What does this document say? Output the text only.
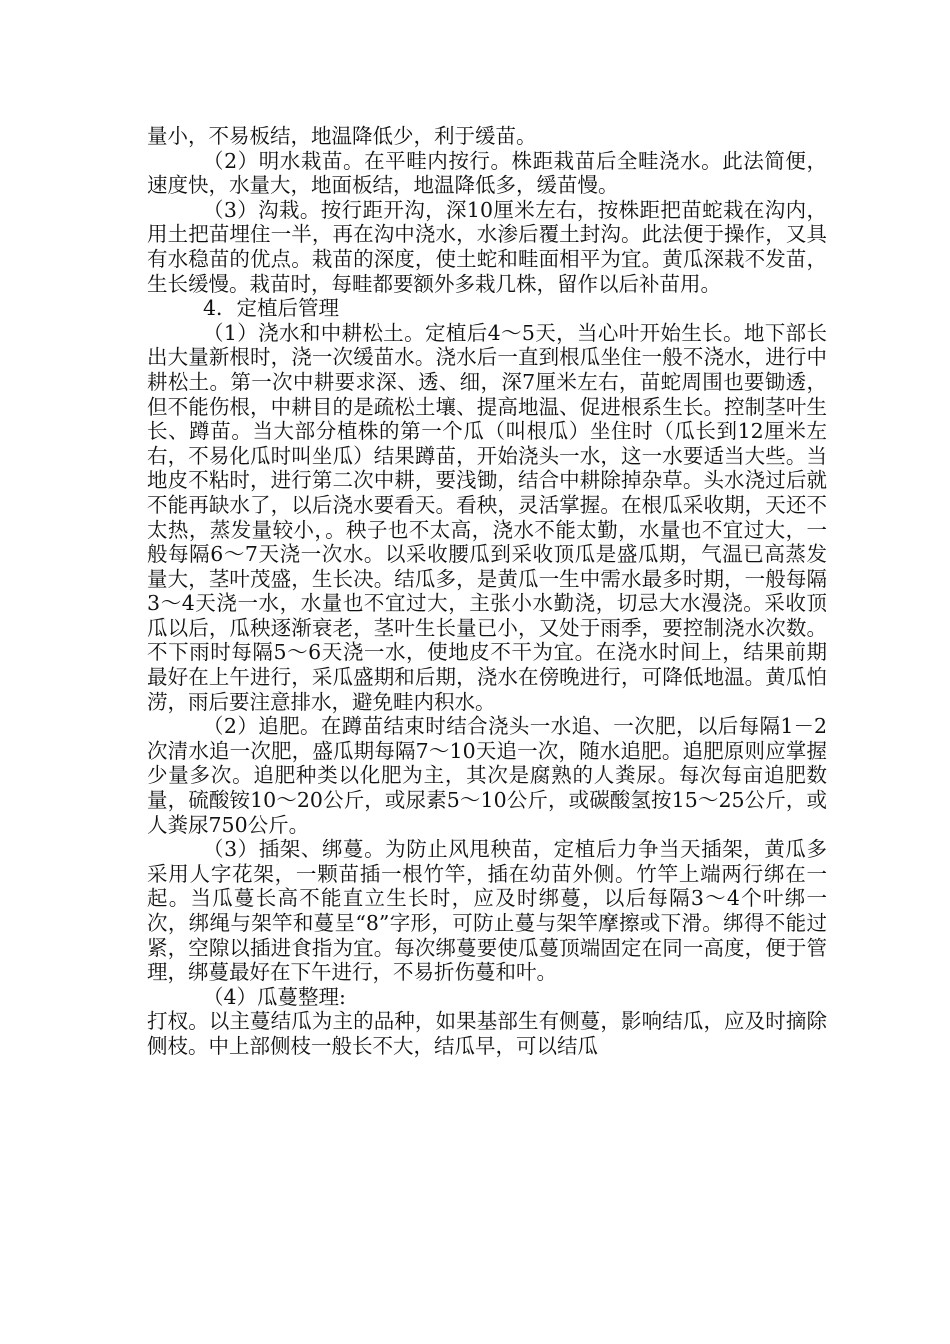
量小，不易板结，地温降低少，利于缓苗。

（2）明水栽苗。在平畦内按行。株距栽苗后全畦浇水。此法简便，速度快，水量大，地面板结，地温降低多，缓苗慢。

（3）沟栽。按行距开沟，深10厘米左右，按株距把苗蛇栽在沟内，用土把苗埋住一半，再在沟中浇水，水渗后覆土封沟。此法便于操作，又具有水稳苗的优点。栽苗的深度，使土蛇和畦面相平为宜。黄瓜深栽不发苗，生长缓慢。栽苗时，每畦都要额外多栽几株，留作以后补苗用。

4．定植后管理

（1）浇水和中耕松土。定植后4～5天，当心叶开始生长。地下部长出大量新根时，浇一次缓苗水。浇水后一直到根瓜坐住一般不浇水，进行中耕松土。第一次中耕要求深、透、细，深7厘米左右，苗蛇周围也要锄透，但不能伤根，中耕目的是疏松土壤、提高地温、促进根系生长。控制茎叶生长、蹲苗。当大部分植株的第一个瓜（叫根瓜）坐住时（瓜长到12厘米左右，不易化瓜时叫坐瓜）结果蹲苗，开始浇头一水，这一水要适当大些。当地皮不粘时，进行第二次中耕，要浅锄，结合中耕除掉杂草。头水浇过后就不能再缺水了，以后浇水要看天。看秧，灵活掌握。在根瓜采收期，天还不太热，蒸发量较小，。秧子也不太高，浇水不能太勤，水量也不宜过大，一般每隔6～7天浇一次水。以采收腰瓜到采收顶瓜是盛瓜期，气温已高蒸发量大，茎叶茂盛，生长决。结瓜多，是黄瓜一生中需水最多时期，一般每隔3～4天浇一水，水量也不宜过大，主张小水勤浇，切忌大水漫浇。采收顶瓜以后，瓜秧逐渐衰老，茎叶生长量已小，又处于雨季，要控制浇水次数。不下雨时每隔5～6天浇一水，使地皮不干为宜。在浇水时间上，结果前期最好在上午进行，采瓜盛期和后期，浇水在傍晚进行，可降低地温。黄瓜怕涝，雨后要注意排水，避免畦内积水。

（2）追肥。在蹲苗结束时结合浇头一水追、一次肥，以后每隔1－2次清水追一次肥，盛瓜期每隔7～10天追一次，随水追肥。追肥原则应掌握少量多次。追肥种类以化肥为主，其次是腐熟的人粪尿。每次每亩追肥数量，硫酸铵10～20公斤，或尿素5～10公斤，或碳酸氢按15～25公斤，或人粪尿750公斤。

（3）插架、绑蔓。为防止风甩秧苗，定植后力争当天插架，黄瓜多采用人字花架，一颗苗插一根竹竿，插在幼苗外侧。竹竿上端两行绑在一起。当瓜蔓长高不能直立生长时，应及时绑蔓，以后每隔3～4个叶绑一次，绑绳与架竿和蔓呈“8”字形，可防止蔓与架竿摩擦或下滑。绑得不能过紧，空隙以插进食指为宜。每次绑蔓要使瓜蔓顶端固定在同一高度，便于管理，绑蔓最好在下午进行，不易折伤蔓和叶。

（4）瓜蔓整理:

打杈。以主蔓结瓜为主的品种，如果基部生有侧蔓，影响结瓜，应及时摘除侧枝。中上部侧枝一般长不大，结瓜早，可以结瓜
